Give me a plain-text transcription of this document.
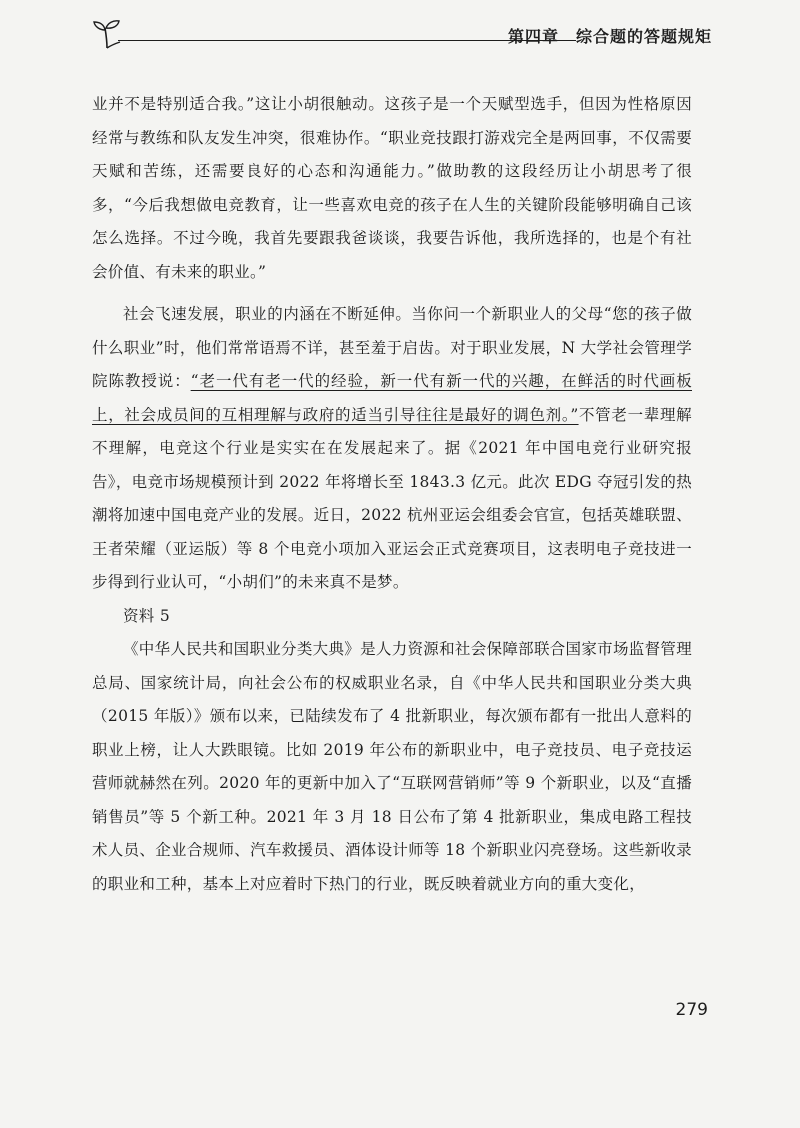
第四章　综合题的答题规矩

业并不是特别适合我。”这让小胡很触动。这孩子是一个天赋型选手，但因为性格原因经常与教练和队友发生冲突，很难协作。“职业竞技跟打游戏完全是两回事，不仅需要天赋和苦练，还需要良好的心态和沟通能力。”做助教的这段经历让小胡思考了很多，“今后我想做电竞教育，让一些喜欢电竞的孩子在人生的关键阶段能够明确自己该怎么选择。不过今晚，我首先要跟我爸谈谈，我要告诉他，我所选择的，也是个有社会价值、有未来的职业。”

社会飞速发展，职业的内涵在不断延伸。当你问一个新职业人的父母“您的孩子做什么职业”时，他们常常语焉不详，甚至羞于启齿。对于职业发展，N 大学社会管理学院陈教授说：“老一代有老一代的经验，新一代有新一代的兴趣，在鲜活的时代画板上，社会成员间的互相理解与政府的适当引导往往是最好的调色剂。”不管老一辈理解不理解，电竞这个行业是实实在在发展起来了。据《2021 年中国电竞行业研究报告》，电竞市场规模预计到 2022 年将增长至 1843.3 亿元。此次 EDG 夺冠引发的热潮将加速中国电竞产业的发展。近日，2022 杭州亚运会组委会官宣，包括英雄联盟、王者荣耀（亚运版）等 8 个电竞小项加入亚运会正式竞赛项目，这表明电子竞技进一步得到行业认可，“小胡们”的未来真不是梦。

资料 5

《中华人民共和国职业分类大典》是人力资源和社会保障部联合国家市场监督管理总局、国家统计局，向社会公布的权威职业名录，自《中华人民共和国职业分类大典（2015 年版）》颁布以来，已陆续发布了 4 批新职业，每次颁布都有一批出人意料的职业上榜，让人大跌眼镜。比如 2019 年公布的新职业中，电子竞技员、电子竞技运营师就赫然在列。2020 年的更新中加入了“互联网营销师”等 9 个新职业，以及“直播销售员”等 5 个新工种。2021 年 3 月 18 日公布了第 4 批新职业，集成电路工程技术人员、企业合规师、汽车救援员、酒体设计师等 18 个新职业闪亮登场。这些新收录的职业和工种，基本上对应着时下热门的行业，既反映着就业方向的重大变化，

279
